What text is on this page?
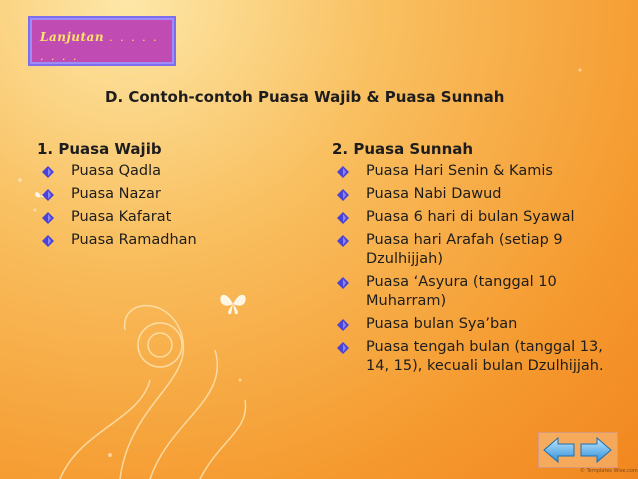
Lanjutan . . . . . . . . .
. . . . . .
D. Contoh-contoh Puasa Wajib & Puasa Sunnah
1. Puasa Wajib
Puasa Qadla
Puasa Nazar
Puasa Kafarat
Puasa Ramadhan
2. Puasa Sunnah
Puasa Hari Senin & Kamis
Puasa Nabi Dawud
Puasa 6 hari di bulan Syawal
Puasa hari Arafah (setiap 9 Dzulhijjah)
Puasa ‘Asyura (tanggal 10 Muharram)
Puasa bulan Sya’ban
Puasa tengah bulan (tanggal 13, 14, 15), kecuali bulan Dzulhijjah.
© Templates Wise.com
